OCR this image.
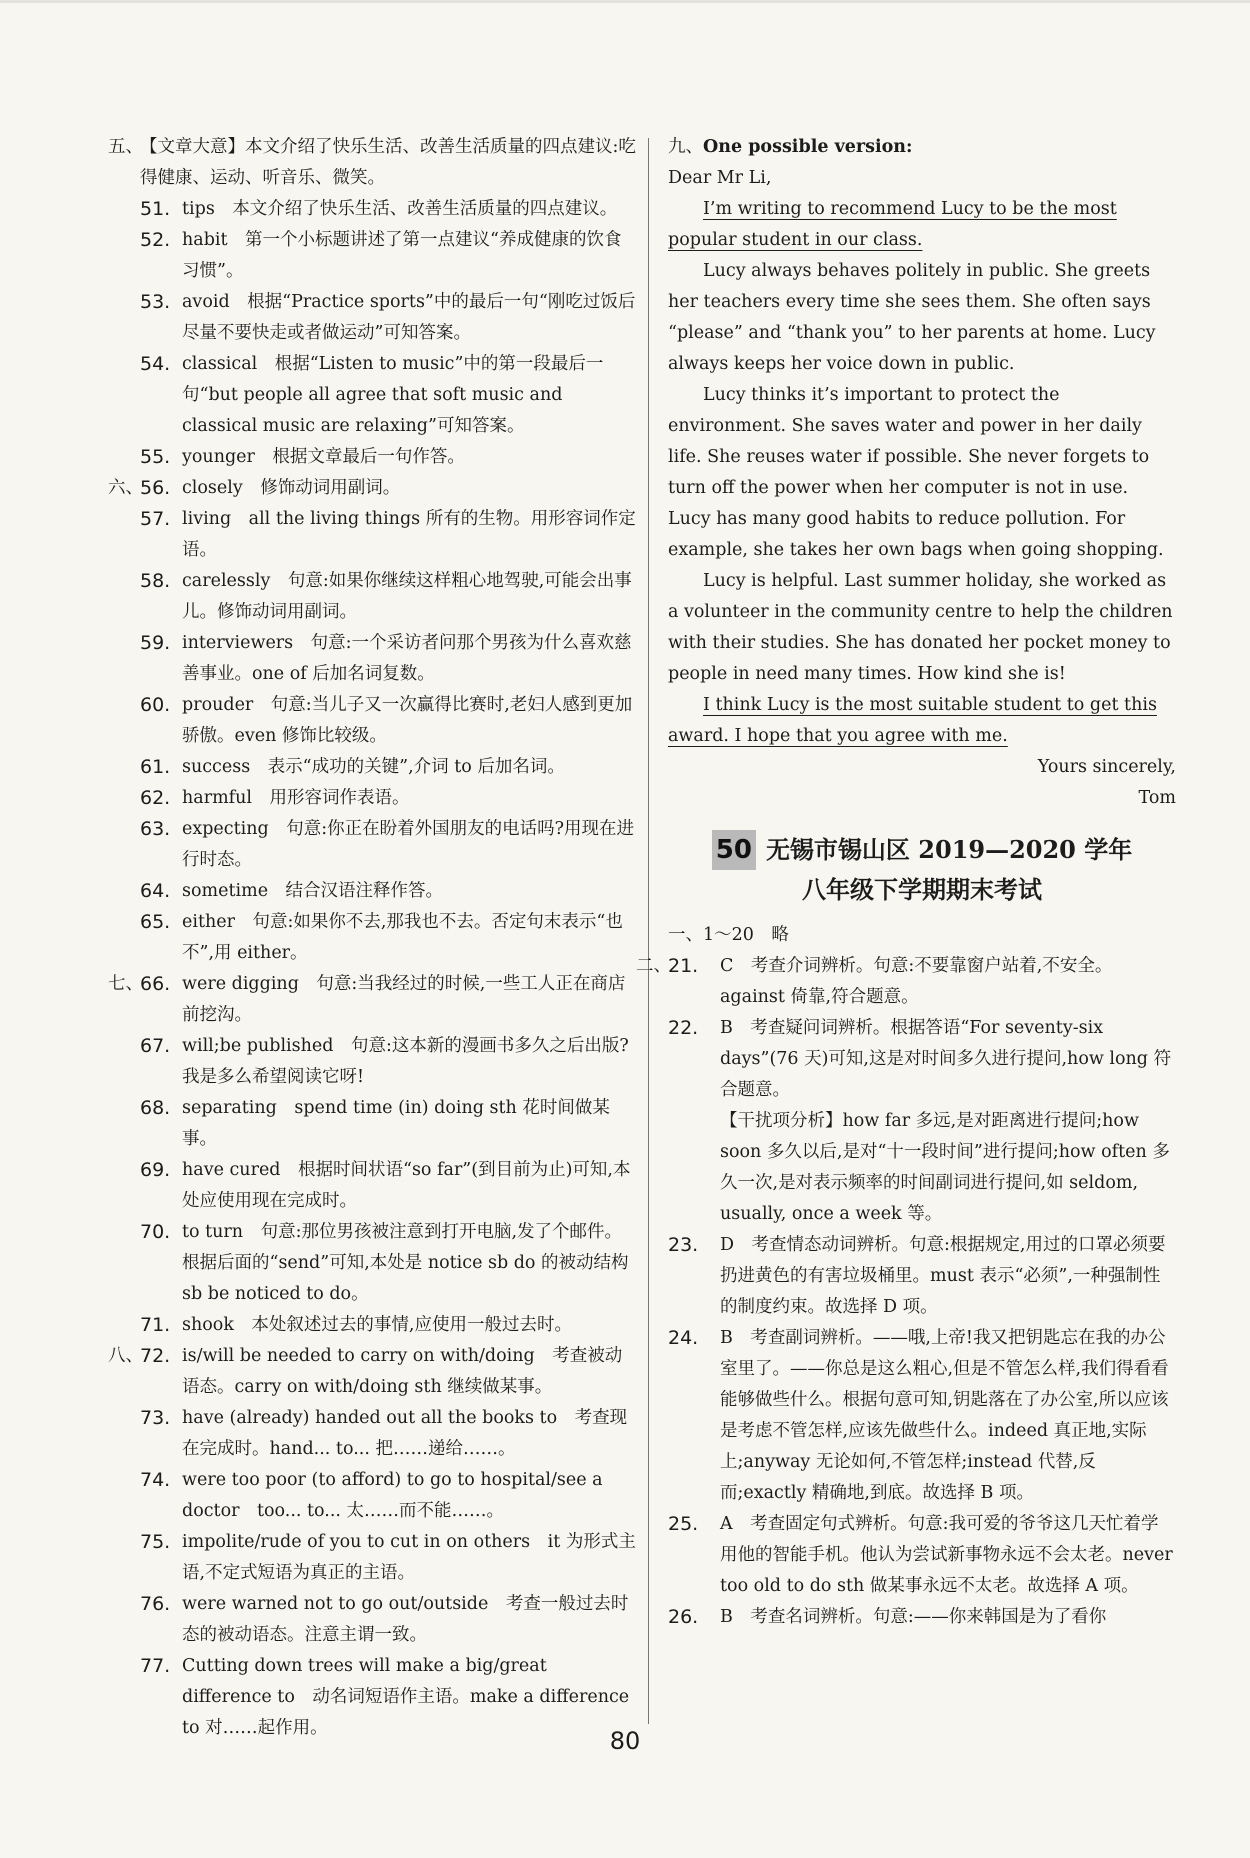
五、
【文章大意】本文介绍了快乐生活、改善生活质量的四点建议:吃得健康、运动、听音乐、微笑。

51. tips　本文介绍了快乐生活、改善生活质量的四点建议。

52. habit　第一个小标题讲述了第一点建议“养成健康的饮食习惯”。

53. avoid　根据“Practice sports”中的最后一句“刚吃过饭后尽量不要快走或者做运动”可知答案。

54. classical　根据“Listen to music”中的第一段最后一句“but people all agree that soft music and classical music are relaxing”可知答案。

55. younger　根据文章最后一句作答。

六、
56. closely　修饰动词用副词。

57. living　all the living things 所有的生物。用形容词作定语。

58. carelessly　句意:如果你继续这样粗心地驾驶,可能会出事儿。修饰动词用副词。

59. interviewers　句意:一个采访者问那个男孩为什么喜欢慈善事业。one of 后加名词复数。

60. prouder　句意:当儿子又一次赢得比赛时,老妇人感到更加骄傲。even 修饰比较级。

61. success　表示“成功的关键”,介词 to 后加名词。

62. harmful　用形容词作表语。

63. expecting　句意:你正在盼着外国朋友的电话吗?用现在进行时态。

64. sometime　结合汉语注释作答。

65. either　句意:如果你不去,那我也不去。否定句末表示“也不”,用 either。

七、
66. were digging　句意:当我经过的时候,一些工人正在商店前挖沟。

67. will;be published　句意:这本新的漫画书多久之后出版?我是多么希望阅读它呀!

68. separating　spend time (in) doing sth 花时间做某事。

69. have cured　根据时间状语“so far”(到目前为止)可知,本处应使用现在完成时。

70. to turn　句意:那位男孩被注意到打开电脑,发了个邮件。根据后面的“send”可知,本处是 notice sb do 的被动结构 sb be noticed to do。

71. shook　本处叙述过去的事情,应使用一般过去时。

八、
72. is/will be needed to carry on with/doing　考查被动语态。carry on with/doing sth 继续做某事。

73. have (already) handed out all the books to　考查现在完成时。hand... to... 把……递给……。

74. were too poor (to afford) to go to hospital/see a doctor　too... to... 太……而不能……。

75. impolite/rude of you to cut in on others　it 为形式主语,不定式短语为真正的主语。

76. were warned not to go out/outside　考查一般过去时态的被动语态。注意主谓一致。

77. Cutting down trees will make a big/great difference to　动名词短语作主语。make a difference to 对……起作用。

九、One possible version:

Dear Mr Li,

I’m writing to recommend Lucy to be the most popular student in our class.

Lucy always behaves politely in public. She greets her teachers every time she sees them. She often says “please” and “thank you” to her parents at home. Lucy always keeps her voice down in public.

Lucy thinks it’s important to protect the environment. She saves water and power in her daily life. She reuses water if possible. She never forgets to turn off the power when her computer is not in use. Lucy has many good habits to reduce pollution. For example, she takes her own bags when going shopping.

Lucy is helpful. Last summer holiday, she worked as a volunteer in the community centre to help the children with their studies. She has donated her pocket money to people in need many times. How kind she is!

I think Lucy is the most suitable student to get this award. I hope that you agree with me.

Yours sincerely,

Tom

50 无锡市锡山区 2019—2020 学年
八年级下学期期末考试

一、1～20　略

二、
21. C　考查介词辨析。句意:不要靠窗户站着,不安全。against 倚靠,符合题意。

22. B　考查疑问词辨析。根据答语“For seventy-six days”(76 天)可知,这是对时间多久进行提问,how long 符合题意。

【干扰项分析】how far 多远,是对距离进行提问;how soon 多久以后,是对“十一段时间”进行提问;how often 多久一次,是对表示频率的时间副词进行提问,如 seldom, usually, once a week 等。

23. D　考查情态动词辨析。句意:根据规定,用过的口罩必须要扔进黄色的有害垃圾桶里。must 表示“必须”,一种强制性的制度约束。故选择 D 项。

24. B　考查副词辨析。——哦,上帝!我又把钥匙忘在我的办公室里了。——你总是这么粗心,但是不管怎么样,我们得看看能够做些什么。根据句意可知,钥匙落在了办公室,所以应该是考虑不管怎样,应该先做些什么。indeed 真正地,实际上;anyway 无论如何,不管怎样;instead 代替,反而;exactly 精确地,到底。故选择 B 项。

25. A　考查固定句式辨析。句意:我可爱的爷爷这几天忙着学用他的智能手机。他认为尝试新事物永远不会太老。never too old to do sth 做某事永远不太老。故选择 A 项。

26. B　考查名词辨析。句意:——你来韩国是为了看你

80
